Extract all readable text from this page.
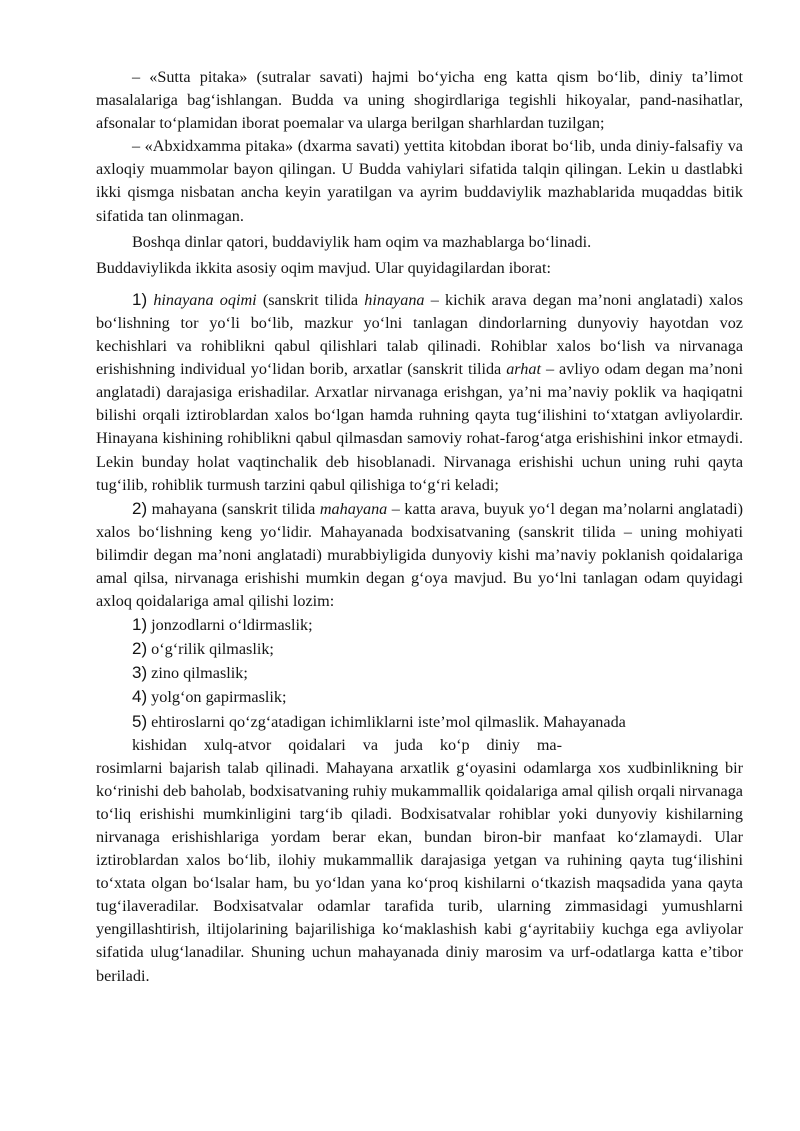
– «Sutta pitaka» (sutralar savati) hajmi bo‘yicha eng katta qism bo‘lib, diniy ta’limot masalalariga bag‘ishlangan. Budda va uning shogirdlariga tegishli hikoyalar, pand-nasihatlar, afsonalar to‘plamidan iborat poemalar va ularga berilgan sharhlardan tuzilgan;

– «Abxidxamma pitaka» (dxarma savati) yettita kitobdan iborat bo‘lib, unda diniy-falsafiy va axloqiy muammolar bayon qilingan. U Budda vahiylari sifatida talqin qilingan. Lekin u dastlabki ikki qismga nisbatan ancha keyin yaratilgan va ayrim buddaviylik mazhablarida muqaddas bitik sifatida tan olinmagan.

Boshqa dinlar qatori, buddaviylik ham oqim va mazhablarga bo‘linadi.

Buddaviylikda ikkita asosiy oqim mavjud. Ular quyidagilardan iborat:

1) hinayana oqimi (sanskrit tilida hinayana – kichik arava degan ma’noni anglatadi) xalos bo‘lishning tor yo‘li bo‘lib, mazkur yo‘lni tanlagan dindorlarning dunyoviy hayotdan voz kechishlari va rohiblikni qabul qilishlari talab qilinadi. Rohiblar xalos bo‘lish va nirvanaga erishishning individual yo‘lidan borib, arxatlar (sanskrit tilida arhat – avliyo odam degan ma’noni anglatadi) darajasiga erishadilar. Arxatlar nirvanaga erishgan, ya’ni ma’naviy poklik va haqiqatni bilishi orqali iztiroblardan xalos bo‘lgan hamda ruhning qayta tug‘ilishini to‘xtatgan avliyolardir. Hinayana kishining rohiblikni qabul qilmasdan samoviy rohat-farog‘atga erishishini inkor etmaydi. Lekin bunday holat vaqtinchalik deb hisoblanadi. Nirvanaga erishishi uchun uning ruhi qayta tug‘ilib, rohiblik turmush tarzini qabul qilishiga to‘g‘ri keladi;

2) mahayana (sanskrit tilida mahayana – katta arava, buyuk yo‘l degan ma’nolarni anglatadi) xalos bo‘lishning keng yo‘lidir. Mahayanada bodxisatvaning (sanskrit tilida – uning mohiyati bilimdir degan ma’noni anglatadi) murabbiyligida dunyoviy kishi ma’naviy poklanish qoidalariga amal qilsa, nirvanaga erishishi mumkin degan g‘oya mavjud. Bu yo‘lni tanlagan odam quyidagi axloq qoidalariga amal qilishi lozim:

1) jonzodlarni o‘ldirmaslik;

2) o‘g‘rilik qilmaslik;

3) zino qilmaslik;

4) yolg‘on gapirmaslik;

5) ehtiroslarni qo‘zg‘atadigan ichimliklarni iste’mol qilmaslik. Mahayanada

kishidan xulq-atvor qoidalari va juda ko‘p diniy ma-

rosimlarni bajarish talab qilinadi. Mahayana arxatlik g‘oyasini odamlarga xos xudbinlikning bir ko‘rinishi deb baholab, bodxisatvaning ruhiy mukammallik qoidalariga amal qilish orqali nirvanaga to‘liq erishishi mumkinligini targ‘ib qiladi. Bodxisatvalar rohiblar yoki dunyoviy kishilarning nirvanaga erishishlariga yordam berar ekan, bundan biron-bir manfaat ko‘zlamaydi. Ular iztiroblardan xalos bo‘lib, ilohiy mukammallik darajasiga yetgan va ruhining qayta tug‘ilishini to‘xtata olgan bo‘lsalar ham, bu yo‘ldan yana ko‘proq kishilarni o‘tkazish maqsadida yana qayta tug‘ilaveradilar. Bodxisatvalar odamlar tarafida turib, ularning zimmasidagi yumushlarni yengillashtirish, iltijolarining bajarilishiga ko‘maklashish kabi g‘ayritabiiy kuchga ega avliyolar sifatida ulug‘lanadilar. Shuning uchun mahayanada diniy marosim va urf-odatlarga katta e’tibor beriladi.
